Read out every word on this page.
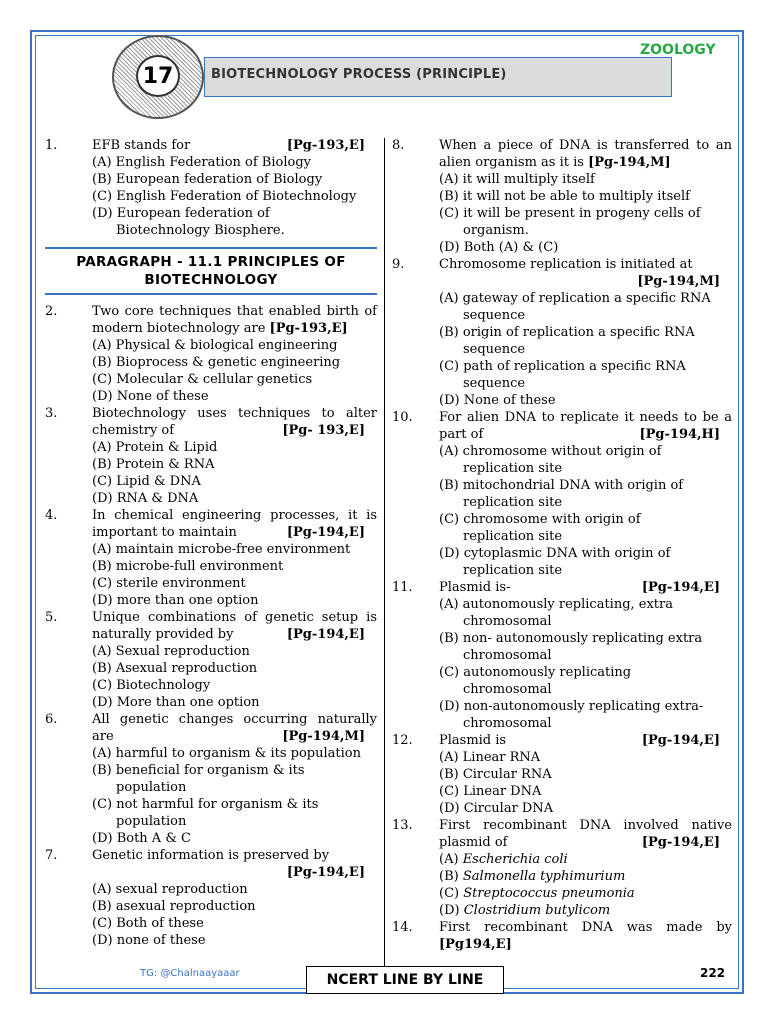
BIOTECHNOLOGY PROCESS (PRINCIPLE)
17
ZOOLOGY
1.	EFB stands for	[Pg-193,E]
(A) English Federation of Biology
(B) European federation of Biology
(C) English Federation of Biotechnology
(D) European federation of
Biotechnology Biosphere.
PARAGRAPH - 11.1 PRINCIPLES OF BIOTECHNOLOGY
2.	Two core techniques that enabled birth of modern biotechnology are [Pg-193,E]
(A) Physical & biological engineering
(B) Bioprocess & genetic engineering
(C) Molecular & cellular genetics
(D) None of these
3.	Biotechnology uses techniques to alter chemistry of	[Pg- 193,E]
(A) Protein & Lipid
(B) Protein & RNA
(C) Lipid & DNA
(D) RNA & DNA
4.	In chemical engineering processes, it is important to maintain	[Pg-194,E]
(A) maintain microbe-free environment
(B) microbe-full environment
(C) sterile environment
(D) more than one option
5.	Unique combinations of genetic setup is naturally provided by	[Pg-194,E]
(A) Sexual reproduction
(B) Asexual reproduction
(C) Biotechnology
(D) More than one option
6.	All genetic changes occurring naturally are	[Pg-194,M]
(A) harmful to organism & its population
(B) beneficial for organism & its
population
(C) not harmful for organism & its
population
(D) Both A & C
7.	Genetic information is preserved by

[Pg-194,E]
(A) sexual reproduction
(B) asexual reproduction
(C) Both of these
(D) none of these
8.	When a piece of DNA is transferred to an alien organism as it is [Pg-194,M]
(A) it will multiply itself
(B) it will not be able to multiply itself
(C) it will be present in progeny cells of
organism.
(D) Both (A) & (C)
9.	Chromosome replication is initiated at

[Pg-194,M]
(A) gateway of replication a specific RNA
sequence
(B) origin of replication a specific RNA
sequence
(C) path of replication a specific RNA
sequence
(D) None of these
10.	For alien DNA to replicate it needs to be a part of	[Pg-194,H]
(A) chromosome without origin of
replication site
(B) mitochondrial DNA with origin of
replication site
(C) chromosome with origin of
replication site
(D) cytoplasmic DNA with origin of
replication site
11.	Plasmid is-	[Pg-194,E]
(A) autonomously replicating, extra
chromosomal
(B) non- autonomously replicating extra
chromosomal
(C) autonomously replicating
chromosomal
(D) non-autonomously replicating extra-
chromosomal
12.	Plasmid is	[Pg-194,E]
(A) Linear RNA
(B) Circular RNA
(C) Linear DNA
(D) Circular DNA
13.	First recombinant DNA involved native plasmid of	[Pg-194,E]
(A) Escherichia coli
(B) Salmonella typhimurium
(C) Streptococcus pneumonia
(D) Clostridium butylicom
14.	First recombinant DNA was made by [Pg194,E]
TG: @Chalnaayaaar	NCERT LINE BY LINE	222
